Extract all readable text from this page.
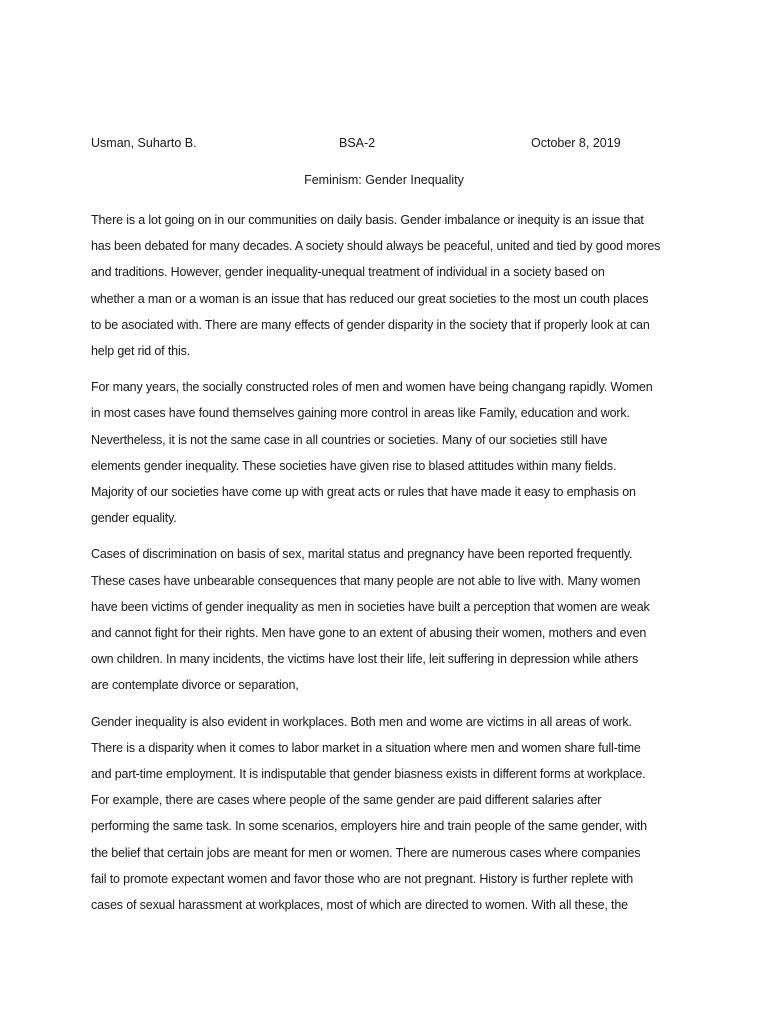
Usman, Suharto B.	BSA-2	October 8, 2019
Feminism: Gender Inequality
There is a lot going on in our communities on daily basis. Gender imbalance or inequity is an issue that
has been debated for many decades. A society should always be peaceful, united and tied by good mores
and traditions. However, gender inequality-unequal treatment of individual in a society based on
whether a man or a woman is an issue that has reduced our great societies to the most un couth places
to be asociated with. There are many effects of gender disparity in the society that if properly look at can
help get rid of this.
For many years, the socially constructed roles of men and women have being changang rapidly. Women
in most cases have found themselves gaining more control in areas like Family, education and work.
Nevertheless, it is not the same case in all countries or societies. Many of our societies still have
elements gender inequality. These societies have given rise to blased attitudes within many fields.
Majority of our societies have come up with great acts or rules that have made it easy to emphasis on
gender equality.
Cases of discrimination on basis of sex, marital status and pregnancy have been reported frequently.
These cases have unbearable consequences that many people are not able to live with. Many women
have been victims of gender inequality as men in societies have built a perception that women are weak
and cannot fight for their rights. Men have gone to an extent of abusing their women, mothers and even
own children. In many incidents, the victims have lost their life, leit suffering in depression while athers
are contemplate divorce or separation,
Gender inequality is also evident in workplaces. Both men and wome are victims in all areas of work.
There is a disparity when it comes to labor market in a situation where men and women share full-time
and part-time employment. It is indisputable that gender biasness exists in different forms at workplace.
For example, there are cases where people of the same gender are paid different salaries after
performing the same task. In some scenarios, employers hire and train people of the same gender, with
the belief that certain jobs are meant for men or women. There are numerous cases where companies
fail to promote expectant women and favor those who are not pregnant. History is further replete with
cases of sexual harassment at workplaces, most of which are directed to women. With all these, the
